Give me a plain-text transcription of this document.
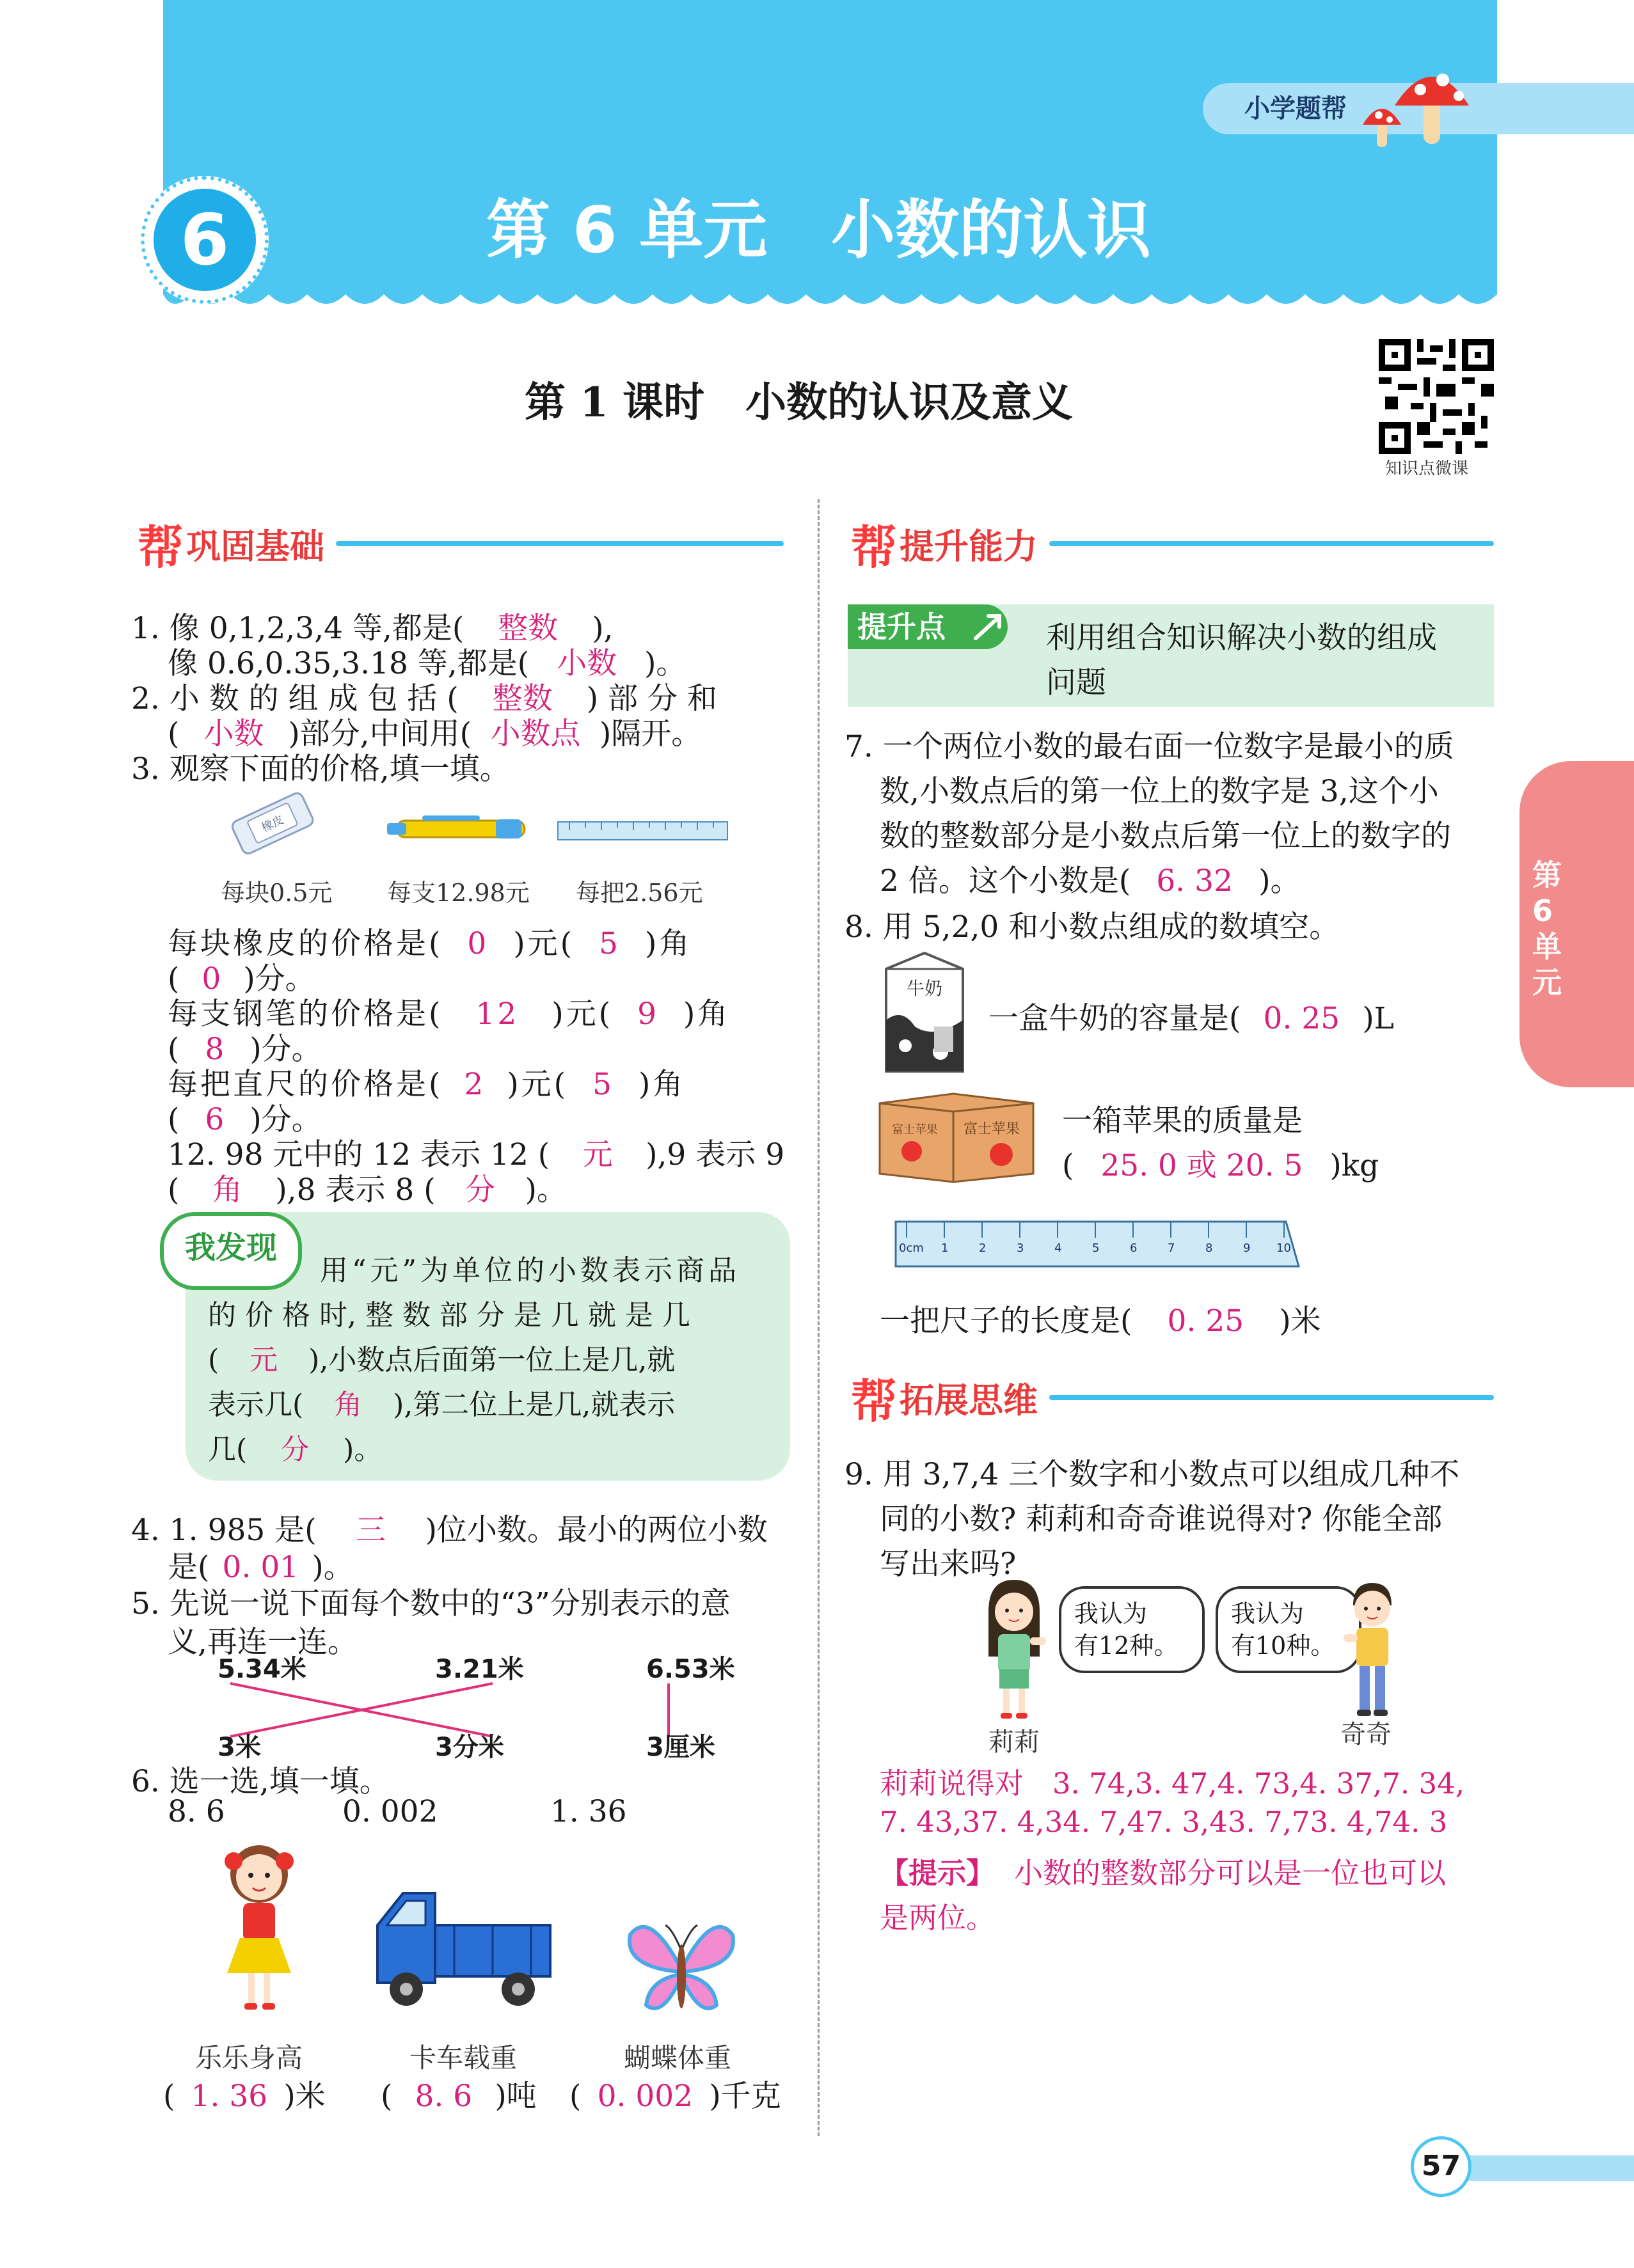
小学题帮
6	第 6 单元　小数的认识
第 1 课时　小数的认识及意义
知识点微课
第6单元
帮 巩固基础
1. 像 0,1,2,3,4 等,都是( 整数 ),
像 0.6,0.35,3.18 等,都是( 小数 )。
2. 小 数 的 组 成 包 括 ( 整数 ) 部 分 和
( 小数 )部分,中间用( 小数点 )隔开。
3. 观察下面的价格,填一填。
橡皮
每块0.5元 每支12.98元 每把2.56元
每块橡皮的价格是( 0 )元( 5 )角
( 0 )分。
每支钢笔的价格是( 12 )元( 9 )角
( 8 )分。
每把直尺的价格是( 2 )元( 5 )角
( 6 )分。
12. 98 元中的 12 表示 12 ( 元 ),9 表示 9
( 角 ),8 表示 8 ( 分 )。
我发现
用“元”为单位的小数表示商品
的 价 格 时, 整 数 部 分 是 几 就 是 几
( 元 ),小数点后面第一位上是几,就
表示几( 角 ),第二位上是几,就表示
几( 分 )。
4. 1. 985 是( 三 )位小数。最小的两位小数
是( 0. 01 )。
5. 先说一说下面每个数中的“3”分别表示的意
义,再连一连。
5.34米	3.21米	6.53米
3米	3分米	3厘米
6. 选一选,填一填。
8. 6	0. 002	1. 36
乐乐身高	卡车载重	蝴蝶体重
( 1. 36 )米 ( 8. 6 )吨 ( 0. 002 )千克
帮 提升能力
提升点	利用组合知识解决小数的组成
问题
7. 一个两位小数的最右面一位数字是最小的质
数,小数点后的第一位上的数字是 3,这个小
数的整数部分是小数点后第一位上的数字的
2 倍。这个小数是( 6. 32 )。
8. 用 5,2,0 和小数点组成的数填空。
牛奶
一盒牛奶的容量是( 0. 25 )L
富士苹果 富士苹果 一箱苹果的质量是
( 25. 0 或 20. 5 )kg
0cm 1	2	3	4	5	6	7	8	9 10
一把尺子的长度是( 0. 25 )米
帮 拓展思维
9. 用 3,7,4 三个数字和小数点可以组成几种不
同的小数? 莉莉和奇奇谁说得对? 你能全部
写出来吗?
我认为
有12种。
我认为
有10种。
莉莉	奇奇
莉莉说得对　3. 74,3. 47,4. 73,4. 37,7. 34,
7. 43,37. 4,34. 7,47. 3,43. 7,73. 4,74. 3
【提示】 小数的整数部分可以是一位也可以
是两位。
57
